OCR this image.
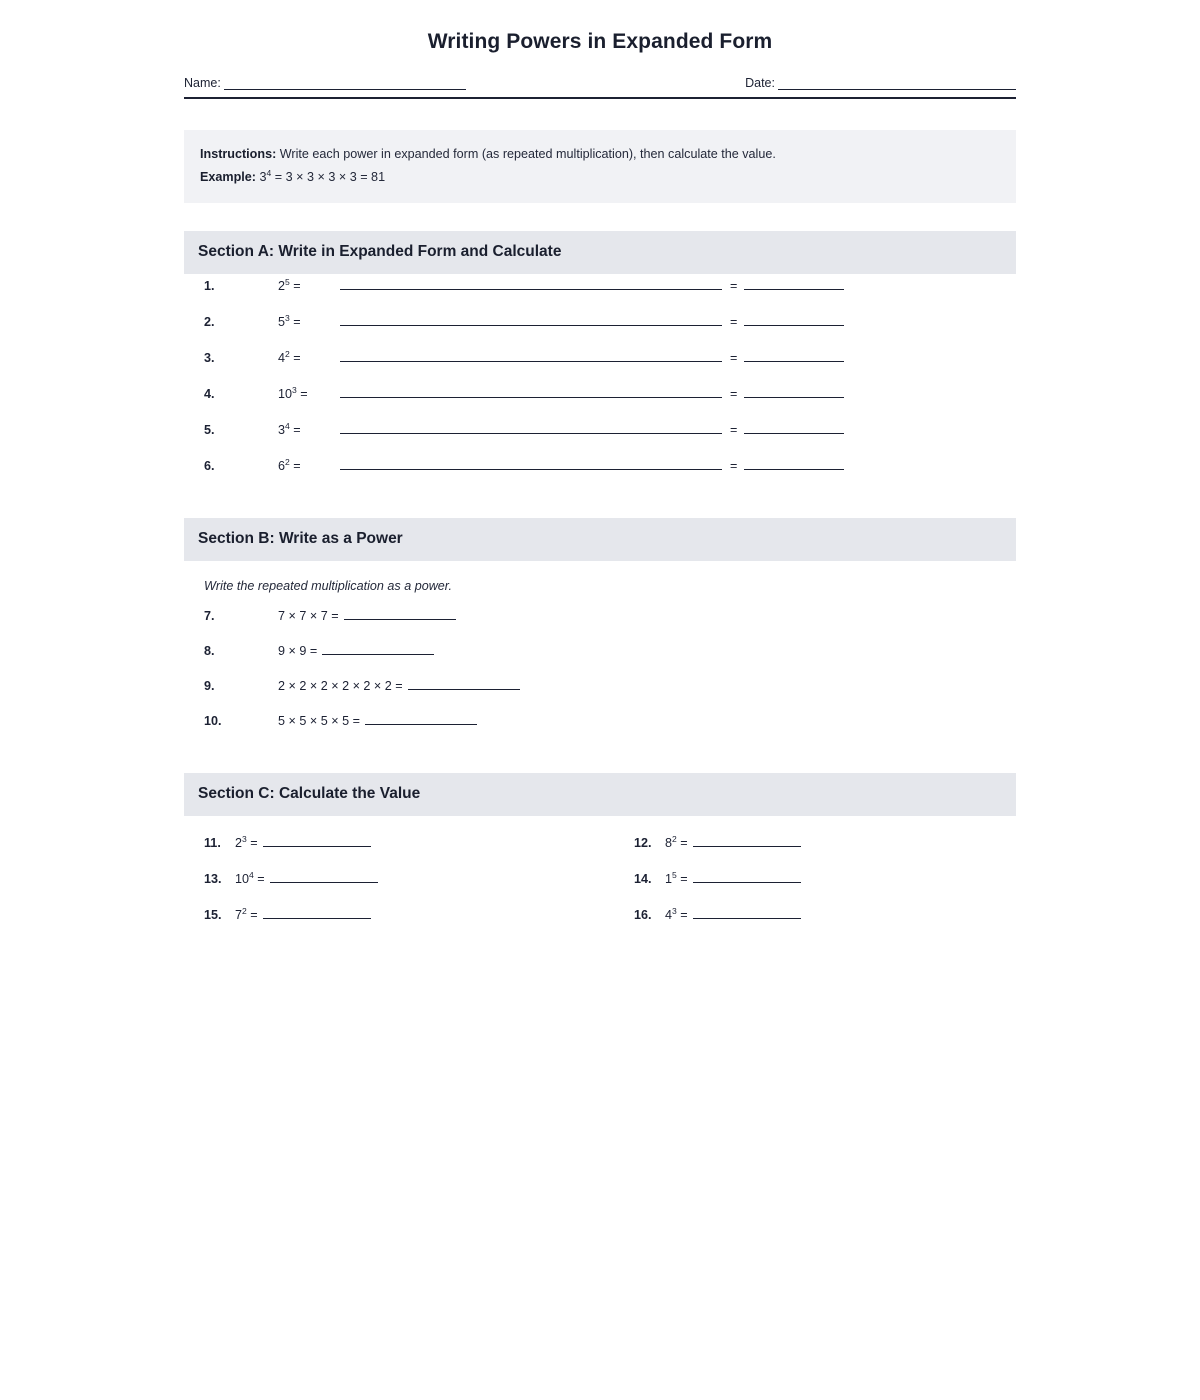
Writing Powers in Expanded Form
Name:	Date:
Instructions: Write each power in expanded form (as repeated multiplication), then calculate the value.
Example: $3^4 = 3 \times 3 \times 3 \times 3 = 81$
Section A: Write in Expanded Form and Calculate
1.	$2^5$ =	=
2.	$5^3$ =	=
3.	$4^2$ =	=
4.	$10^3$ =	=
5.	$3^4$ =	=
6.	$6^2$ =	=
Section B: Write as a Power
Write the repeated multiplication as a power.
7.	7 × 7 × 7 =
8.	9 × 9 =
9.	2 × 2 × 2 × 2 × 2 × 2 =
10.	5 × 5 × 5 × 5 =
Section C: Calculate the Value
11.	$2^3$ =	12.	$8^2$ =
13.	$10^4$ =	14.	$1^5$ =
15.	$7^2$ =	16.	$4^3$ =
